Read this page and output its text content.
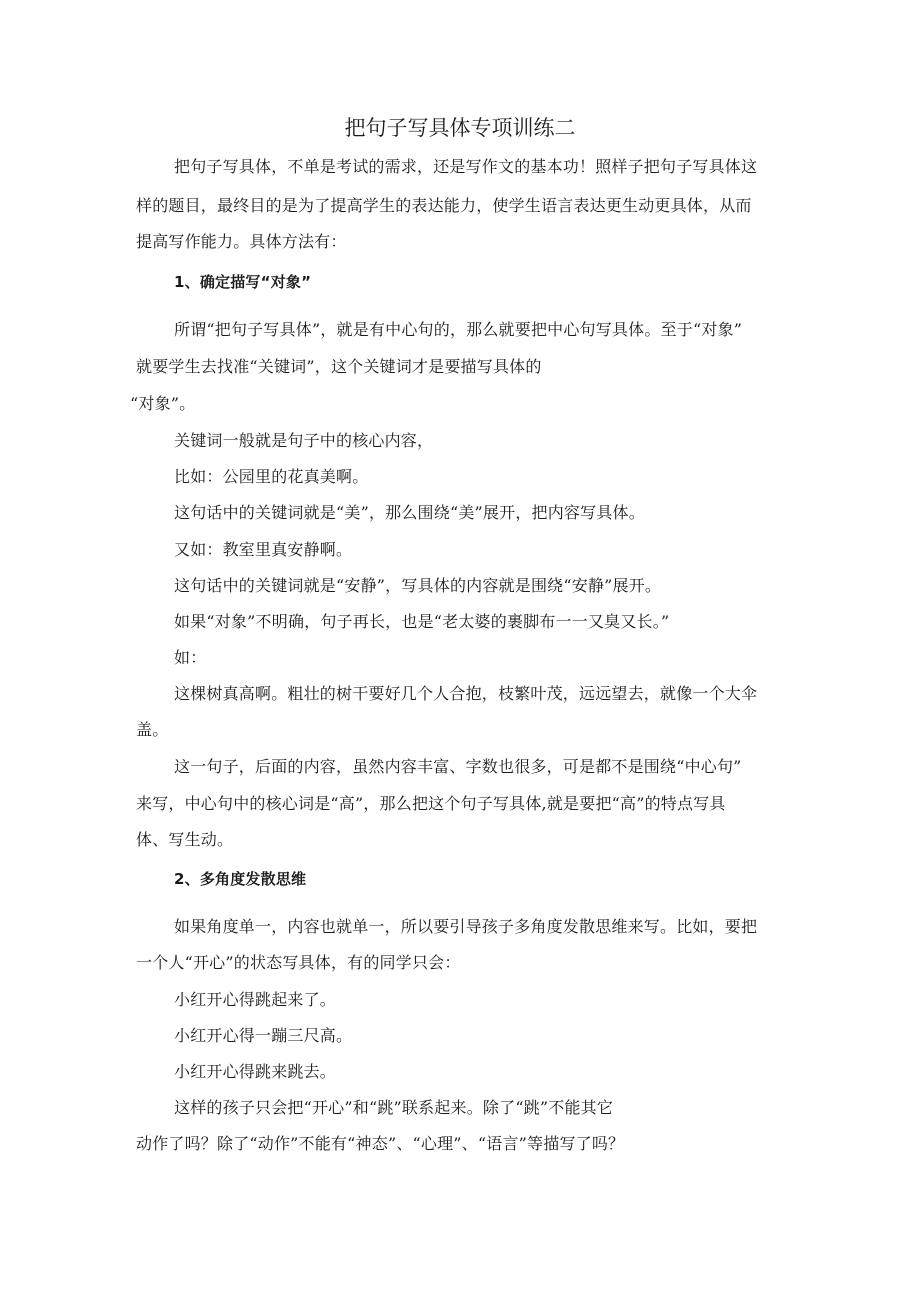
把句子写具体专项训练二
把句子写具体，不单是考试的需求，还是写作文的基本功！照样子把句子写具体这
样的题目，最终目的是为了提高学生的表达能力，使学生语言表达更生动更具体，从而
提高写作能力。具体方法有：
1、确定描写“对象”
所谓“把句子写具体”，就是有中心句的，那么就要把中心句写具体。至于“对象”
就要学生去找准“关键词”，这个关键词才是要描写具体的
“对象”。
关键词一般就是句子中的核心内容，
比如：公园里的花真美啊。
这句话中的关键词就是“美”，那么围绕“美”展开，把内容写具体。
又如：教室里真安静啊。
这句话中的关键词就是“安静”，写具体的内容就是围绕“安静”展开。
如果“对象”不明确，句子再长，也是“老太婆的裹脚布一一又臭又长。”
如：
这棵树真高啊。粗壮的树干要好几个人合抱，枝繁叶茂，远远望去，就像一个大伞
盖。
这一句子，后面的内容，虽然内容丰富、字数也很多，可是都不是围绕“中心句”
来写，中心句中的核心词是“高”，那么把这个句子写具体,就是要把“高”的特点写具
体、写生动。
2、多角度发散思维
如果角度单一，内容也就单一，所以要引导孩子多角度发散思维来写。比如，要把
一个人“开心”的状态写具体，有的同学只会：
小红开心得跳起来了。
小红开心得一蹦三尺高。
小红开心得跳来跳去。
这样的孩子只会把“开心”和“跳”联系起来。除了“跳”不能其它
动作了吗？除了“动作”不能有“神态”、“心理”、“语言”等描写了吗？
